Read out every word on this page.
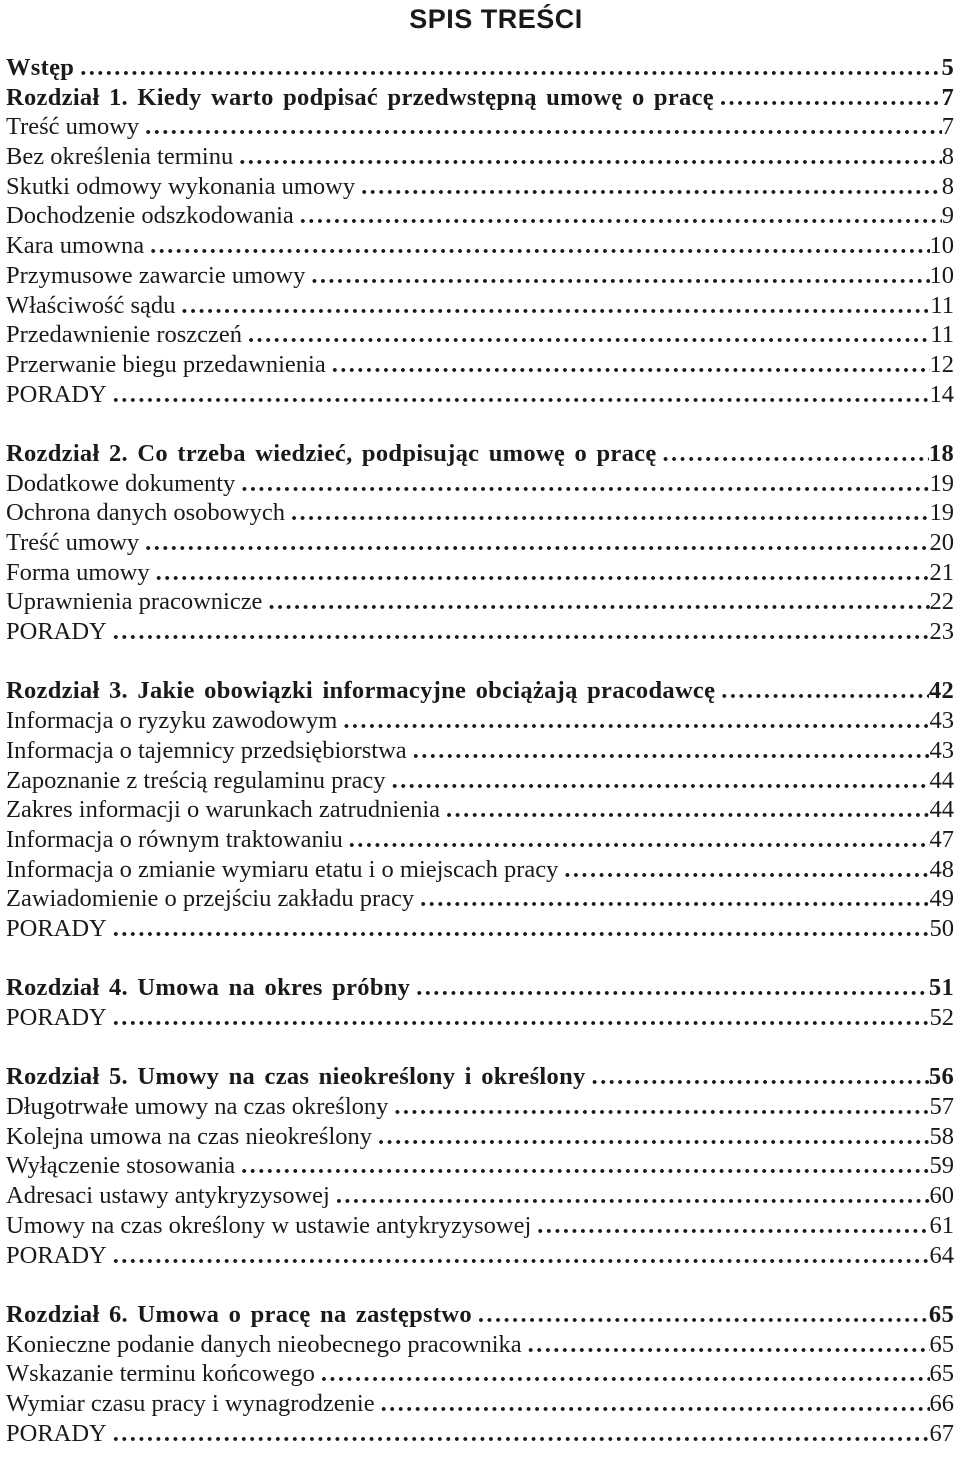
SPIS TREŚCI
Wstęp .....	5
Rozdział 1. Kiedy warto podpisać przedwstępną umowę o pracę .....	7
Treść umowy .....	7
Bez określenia terminu .....	8
Skutki odmowy wykonania umowy .....	8
Dochodzenie odszkodowania .....	9
Kara umowna .....	10
Przymusowe zawarcie umowy .....	10
Właściwość sądu .....	11
Przedawnienie roszczeń .....	11
Przerwanie biegu przedawnienia .....	12
PORADY .....	14
Rozdział 2. Co trzeba wiedzieć, podpisując umowę o pracę .....	18
Dodatkowe dokumenty .....	19
Ochrona danych osobowych .....	19
Treść umowy .....	20
Forma umowy .....	21
Uprawnienia pracownicze .....	22
PORADY .....	23
Rozdział 3. Jakie obowiązki informacyjne obciążają pracodawcę .....	42
Informacja o ryzyku zawodowym .....	43
Informacja o tajemnicy przedsiębiorstwa .....	43
Zapoznanie z treścią regulaminu pracy .....	44
Zakres informacji o warunkach zatrudnienia .....	44
Informacja o równym traktowaniu .....	47
Informacja o zmianie wymiaru etatu i o miejscach pracy .....	48
Zawiadomienie o przejściu zakładu pracy .....	49
PORADY .....	50
Rozdział 4. Umowa na okres próbny .....	51
PORADY .....	52
Rozdział 5. Umowy na czas nieokreślony i określony .....	56
Długotrwałe umowy na czas określony .....	57
Kolejna umowa na czas nieokreślony .....	58
Wyłączenie stosowania .....	59
Adresaci ustawy antykryzysowej .....	60
Umowy na czas określony w ustawie antykryzysowej .....	61
PORADY .....	64
Rozdział 6. Umowa o pracę na zastępstwo .....	65
Konieczne podanie danych nieobecnego pracownika .....	65
Wskazanie terminu końcowego .....	65
Wymiar czasu pracy i wynagrodzenie .....	66
PORADY .....	67
